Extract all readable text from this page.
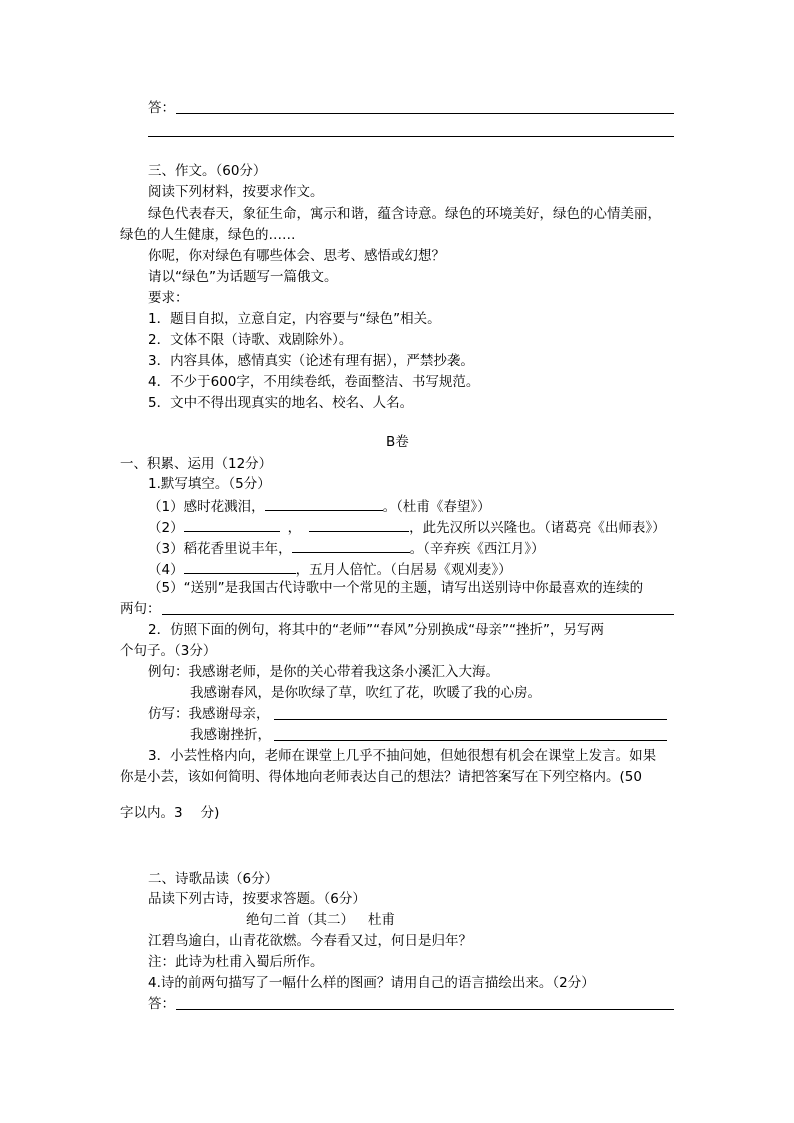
答：
三、作文。（60分）
阅读下列材料，按要求作文。
绿色代表春天，象征生命，寓示和谐，蕴含诗意。绿色的环境美好，绿色的心情美丽，
绿色的人生健康，绿色的……
你呢，你对绿色有哪些体会、思考、感悟或幻想？
请以“绿色”为话题写一篇俄文。
要求：
1．题目自拟，立意自定，内容要与“绿色”相关。
2．文体不限（诗歌、戏剧除外）。
3．内容具体，感情真实（论述有理有据），严禁抄袭。
4．不少于600字，不用续卷纸，卷面整洁、书写规范。
5．文中不得出现真实的地名、校名、人名。
B卷
一、积累、运用（12分）
1.默写填空。（5分）
（1）感时花溅泪，	。（杜甫《春望》）
（2）	，	，此先汉所以兴隆也。（诸葛亮《出师表》）
（3）稻花香里说丰年，	。（辛弃疾《西江月》）
（4）	，五月人倍忙。（白居易《观刈麦》）
（5）“送别”是我国古代诗歌中一个常见的主题，请写出送别诗中你最喜欢的连续的
两句：
2．仿照下面的例句，将其中的“老师”“春风”分别换成“母亲”“挫折”，另写两
个句子。（3分）
例句：我感谢老师，是你的关心带着我这条小溪汇入大海。
我感谢春风，是你吹绿了草，吹红了花，吹暖了我的心房。
仿写：我感谢母亲，
我感谢挫折，
3．小芸性格内向，老师在课堂上几乎不抽问她，但她很想有机会在课堂上发言。如果
你是小芸，该如何简明、得体地向老师表达自己的想法？请把答案写在下列空格内。(50
字以内。3 分)
二、诗歌品读（6分）
品读下列古诗，按要求答题。（6分）
绝句二首（其二） 杜甫
江碧鸟逾白，山青花欲燃。今春看又过，何日是归年？
注：此诗为杜甫入蜀后所作。
4.诗的前两句描写了一幅什么样的图画？请用自己的语言描绘出来。（2分）
答：
